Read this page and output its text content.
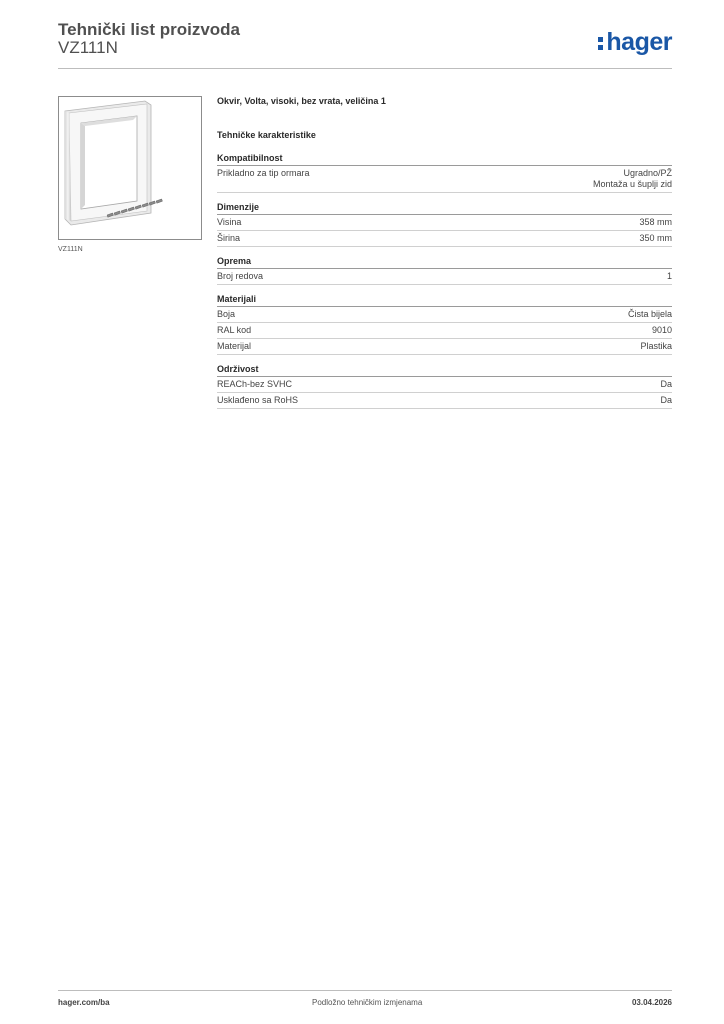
Tehnički list proizvoda
VZ111N	hager
VZ111N
Okvir, Volta, visoki, bez vrata, veličina 1
Tehničke karakteristike
Kompatibilnost
Prikladno za tip ormara	Ugradno/PŽ
Montaža u šuplji zid
Dimenzije
Visina	358 mm
Širina	350 mm
Oprema
Broj redova	1
Materijali
Boja	Čista bijela
RAL kod	9010
Materijal	Plastika
Održivost
REACh-bez SVHC	Da
Usklađeno sa RoHS	Da
hager.com/ba	Podložno tehničkim izmjenama	03.04.2026
